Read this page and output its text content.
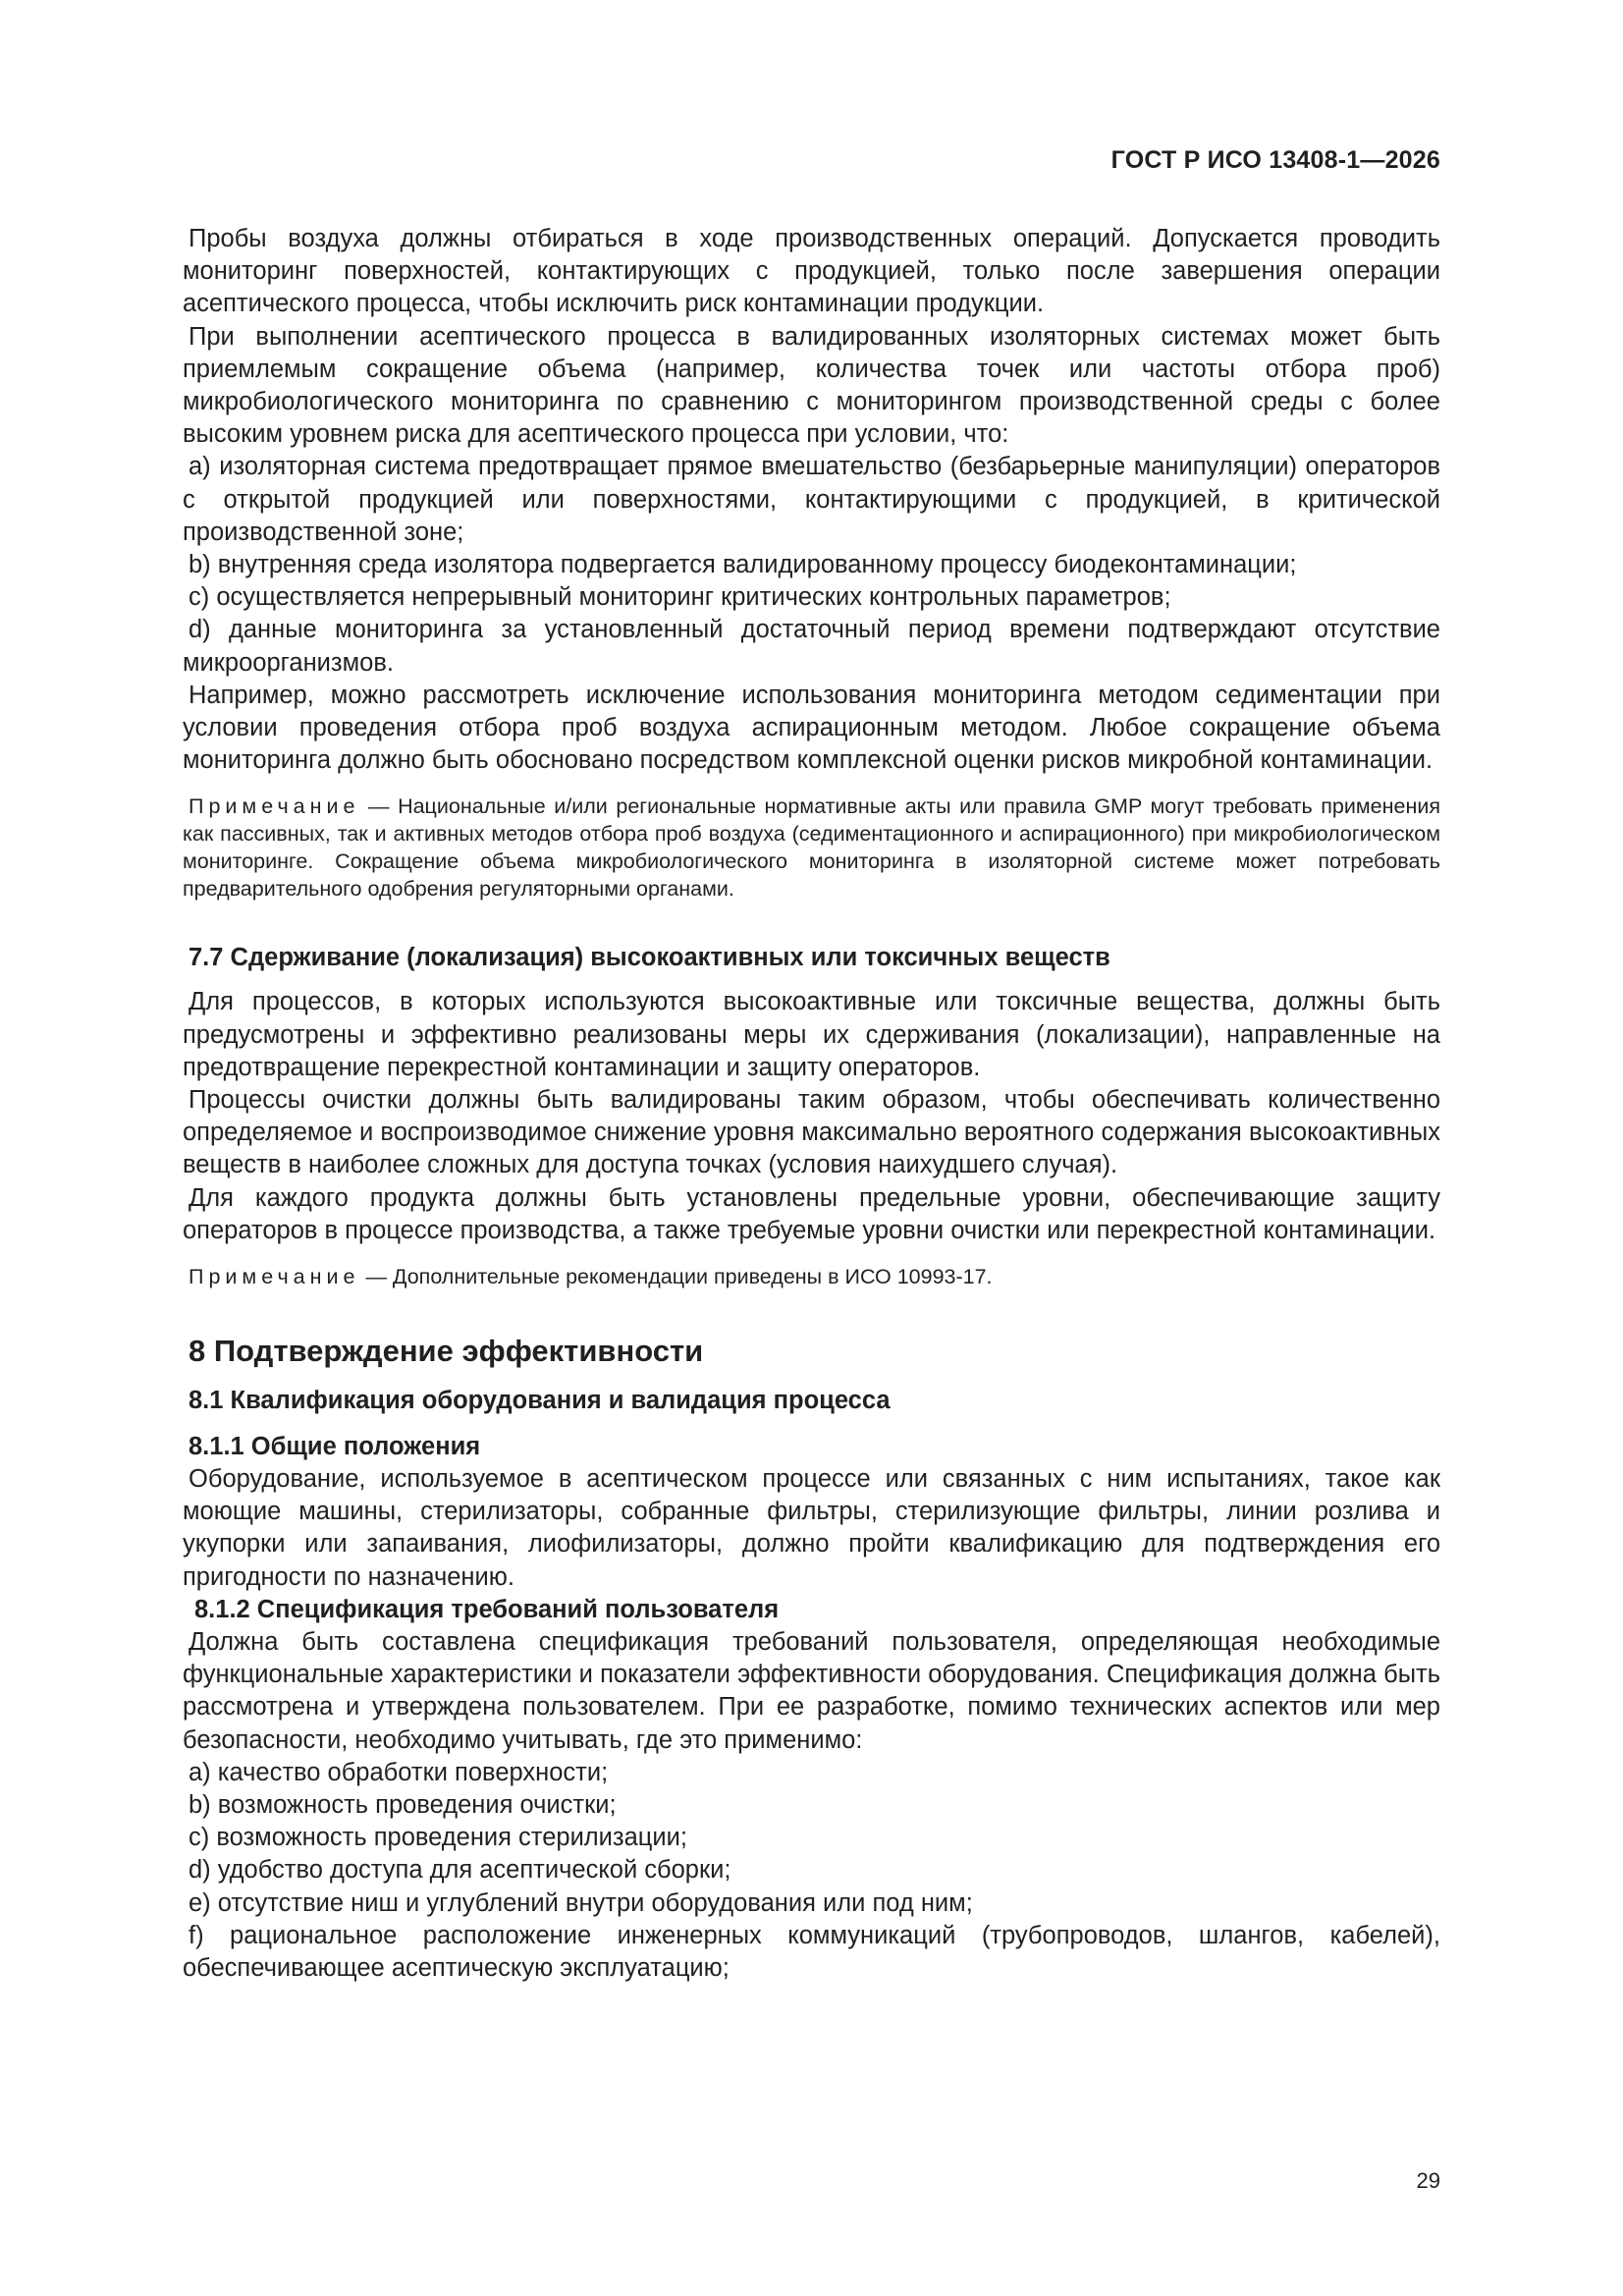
ГОСТ Р ИСО 13408-1—2026

Пробы воздуха должны отбираться в ходе производственных операций. Допускается проводить мониторинг поверхностей, контактирующих с продукцией, только после завершения операции асептического процесса, чтобы исключить риск контаминации продукции.

При выполнении асептического процесса в валидированных изоляторных системах может быть приемлемым сокращение объема (например, количества точек или частоты отбора проб) микробиологического мониторинга по сравнению с мониторингом производственной среды с более высоким уровнем риска для асептического процесса при условии, что:

а) изоляторная система предотвращает прямое вмешательство (безбарьерные манипуляции) операторов с открытой продукцией или поверхностями, контактирующими с продукцией, в критической производственной зоне;

b) внутренняя среда изолятора подвергается валидированному процессу биодеконтаминации;

c) осуществляется непрерывный мониторинг критических контрольных параметров;

d) данные мониторинга за установленный достаточный период времени подтверждают отсутствие микроорганизмов.

Например, можно рассмотреть исключение использования мониторинга методом седиментации при условии проведения отбора проб воздуха аспирационным методом. Любое сокращение объема мониторинга должно быть обосновано посредством комплексной оценки рисков микробной контаминации.

Примечание — Национальные и/или региональные нормативные акты или правила GMP могут требовать применения как пассивных, так и активных методов отбора проб воздуха (седиментационного и аспирационного) при микробиологическом мониторинге. Сокращение объема микробиологического мониторинга в изоляторной системе может потребовать предварительного одобрения регуляторными органами.

7.7 Сдерживание (локализация) высокоактивных или токсичных веществ

Для процессов, в которых используются высокоактивные или токсичные вещества, должны быть предусмотрены и эффективно реализованы меры их сдерживания (локализации), направленные на предотвращение перекрестной контаминации и защиту операторов.

Процессы очистки должны быть валидированы таким образом, чтобы обеспечивать количественно определяемое и воспроизводимое снижение уровня максимально вероятного содержания высокоактивных веществ в наиболее сложных для доступа точках (условия наихудшего случая).

Для каждого продукта должны быть установлены предельные уровни, обеспечивающие защиту операторов в процессе производства, а также требуемые уровни очистки или перекрестной контаминации.

Примечание — Дополнительные рекомендации приведены в ИСО 10993-17.

8 Подтверждение эффективности

8.1 Квалификация оборудования и валидация процесса

8.1.1 Общие положения

Оборудование, используемое в асептическом процессе или связанных с ним испытаниях, такое как моющие машины, стерилизаторы, собранные фильтры, стерилизующие фильтры, линии розлива и укупорки или запаивания, лиофилизаторы, должно пройти квалификацию для подтверждения его пригодности по назначению.

8.1.2 Спецификация требований пользователя

Должна быть составлена спецификация требований пользователя, определяющая необходимые функциональные характеристики и показатели эффективности оборудования. Спецификация должна быть рассмотрена и утверждена пользователем. При ее разработке, помимо технических аспектов или мер безопасности, необходимо учитывать, где это применимо:

а) качество обработки поверхности;

b) возможность проведения очистки;

c) возможность проведения стерилизации;

d) удобство доступа для асептической сборки;

е) отсутствие ниш и углублений внутри оборудования или под ним;

f) рациональное расположение инженерных коммуникаций (трубопроводов, шлангов, кабелей), обеспечивающее асептическую эксплуатацию;

29
